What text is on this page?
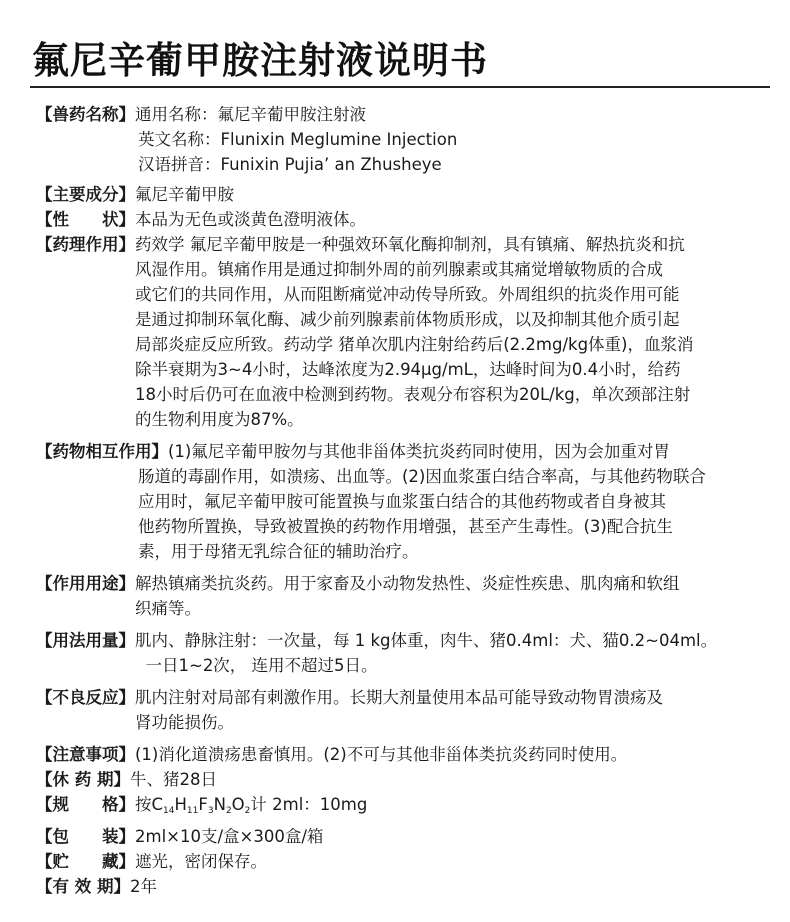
氟尼辛葡甲胺注射液说明书
【兽药名称】 通用名称：氟尼辛葡甲胺注射液

英文名称：Flunixin Meglumine Injection

汉语拼音：Funixin Pujia’ an Zhusheye

【主要成分】 氟尼辛葡甲胺

【性　　状】 本品为无色或淡黄色澄明液体。

【药理作用】 药效学 氟尼辛葡甲胺是一种强效环氧化酶抑制剂，具有镇痛、解热抗炎和抗

风湿作用。镇痛作用是通过抑制外周的前列腺素或其痛觉增敏物质的合成

或它们的共同作用，从而阻断痛觉冲动传导所致。外周组织的抗炎作用可能

是通过抑制环氧化酶、减少前列腺素前体物质形成，以及抑制其他介质引起

局部炎症反应所致。药动学 猪单次肌内注射给药后(2.2mg/kg体重)，血浆消

除半衰期为3~4小时，达峰浓度为2.94μg/mL，达峰时间为0.4小时，给药

18小时后仍可在血液中检测到药物。表观分布容积为20L/kg，单次颈部注射

的生物利用度为87%。

【药物相互作用】 (1)氟尼辛葡甲胺勿与其他非甾体类抗炎药同时使用，因为会加重对胃

肠道的毒副作用，如溃疡、出血等。(2)因血浆蛋白结合率高，与其他药物联合

应用时，氟尼辛葡甲胺可能置换与血浆蛋白结合的其他药物或者自身被其

他药物所置换，导致被置换的药物作用增强，甚至产生毒性。(3)配合抗生

素，用于母猪无乳综合征的辅助治疗。

【作用用途】 解热镇痛类抗炎药。用于家畜及小动物发热性、炎症性疾患、肌肉痛和软组

织痛等。

【用法用量】 肌内、静脉注射：一次量，每 1 kg体重，肉牛、猪0.4ml：犬、猫0.2~04ml。

一日1~2次， 连用不超过5日。

【不良反应】 肌内注射对局部有刺激作用。长期大剂量使用本品可能导致动物胃溃疡及

肾功能损伤。

【注意事项】 (1)消化道溃疡患畜慎用。(2)不可与其他非甾体类抗炎药同时使用。

【休 药 期】 牛、猪28日

【规　　格】 按$C_{14}H_{11}F_3N_2O_2$计 2ml：10mg

【包　　装】 2ml×10支/盒×300盒/箱

【贮　　藏】 遮光，密闭保存。

【有 效 期】 2年
